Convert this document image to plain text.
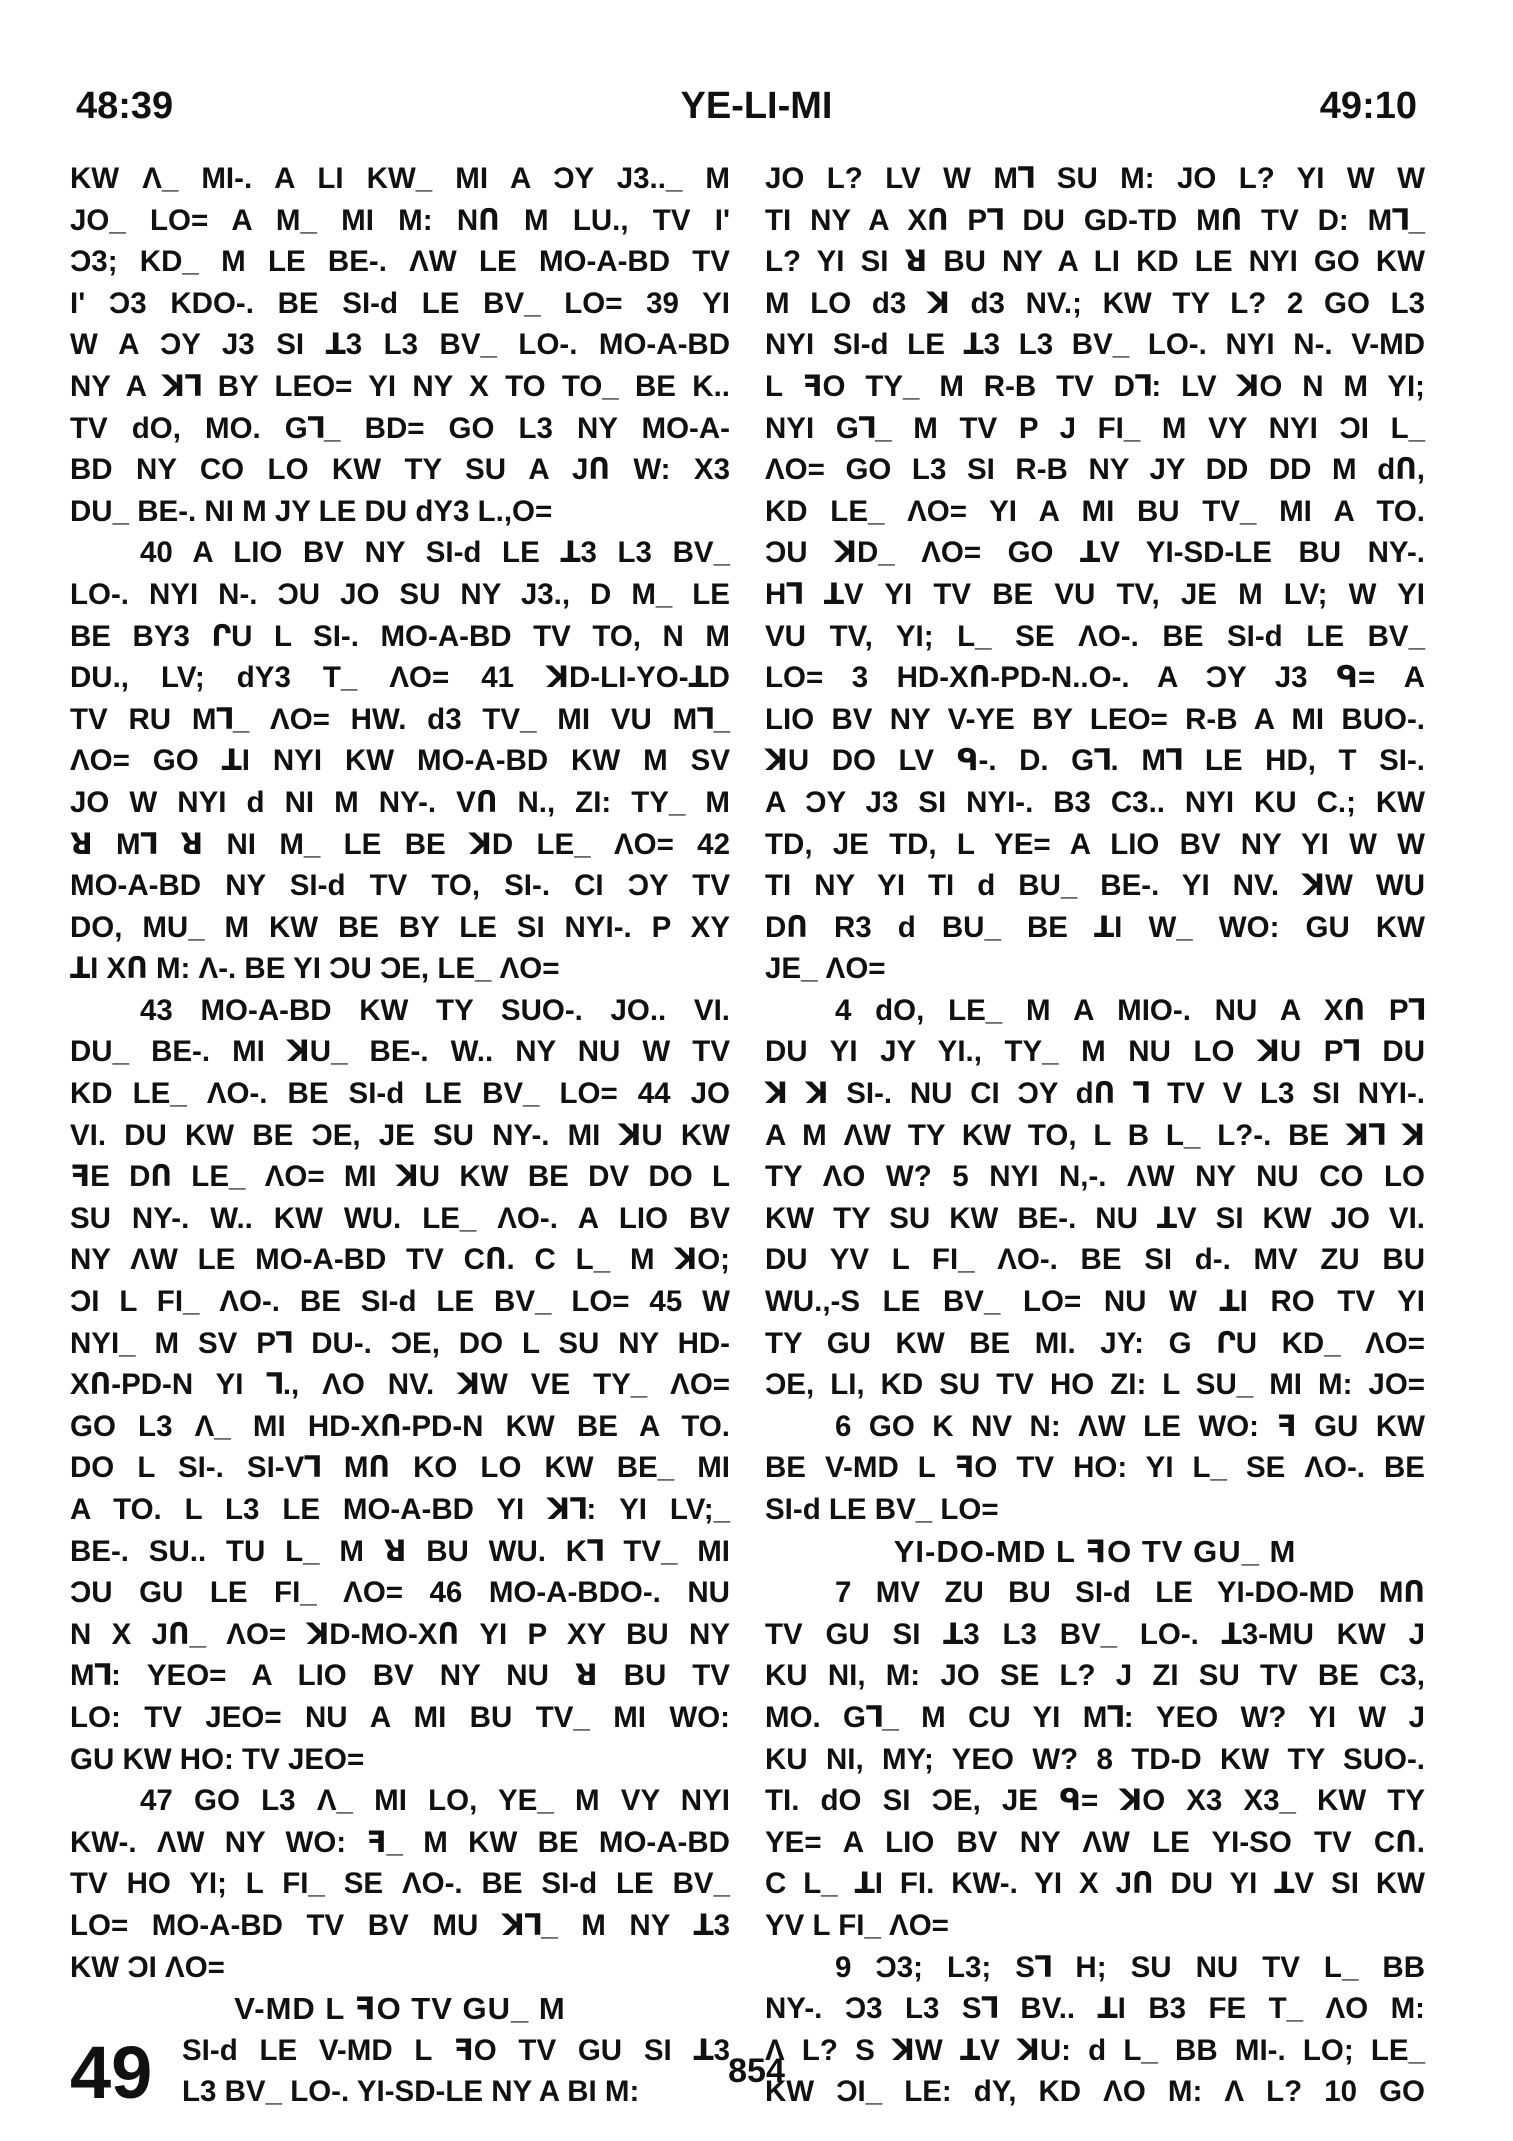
48:39	YE-LI-MI	49:10
KW Λ_ MI-. A LI KW_ MI A ƆY J3.._ M
JO_ LO= A M_ MI M: NՈ M LU., TV I'
Ɔ3; KD_ M LE BE-. ΛW LE MO-A-BD TV
I' Ɔ3 KDO-. BE SI-d LE BV_ LO= 39 YI
W A ƆY J3 SI ꓕ3 L3 BV_ LO-. MO-A-BD
NY A ꓘꓶ BY LEO= YI NY X TO TO_ BE K..
TV dO, MO. Gꓶ_ BD= GO L3 NY MO-A-
BD NY CO LO KW TY SU A JՈ W: X3
DU_ BE-. NI M JY LE DU dY3 L.,O=
40 A LIO BV NY SI-d LE ꓕ3 L3 BV_
LO-. NYI N-. ƆU JO SU NY J3., D M_ LE
BE BY3 ՐU L SI-. MO-A-BD TV TO, N M
DU., LV; dY3 T_ ΛO= 41 ꓘD-LI-YO-ꓕD
TV RU Mꓶ_ ΛO= HW. d3 TV_ MI VU Mꓶ_
ΛO= GO ꓕI NYI KW MO-A-BD KW M SV
JO W NYI d NI M NY-. VՈ N., ZI: TY_ M
ꓤ Mꓶ ꓤ NI M_ LE BE ꓘD LE_ ΛO= 42
MO-A-BD NY SI-d TV TO, SI-. CI ƆY TV
DO, MU_ M KW BE BY LE SI NYI-. P XY
ꓕI XՈ M: Λ-. BE YI ƆU ƆE, LE_ ΛO=
43 MO-A-BD KW TY SUO-. JO.. VI.
DU_ BE-. MI ꓘU_ BE-. W.. NY NU W TV
KD LE_ ΛO-. BE SI-d LE BV_ LO= 44 JO
VI. DU KW BE ƆE, JE SU NY-. MI ꓘU KW
ꟻE DՈ LE_ ΛO= MI ꓘU KW BE DV DO L
SU NY-. W.. KW WU. LE_ ΛO-. A LIO BV
NY ΛW LE MO-A-BD TV CՈ. C L_ M ꓘO;
ƆI L FI_ ΛO-. BE SI-d LE BV_ LO= 45 W
NYI_ M SV Pꓶ DU-. ƆE, DO L SU NY HD-
XՈ-PD-N YI ꓶ., ΛO NV. ꓘW VE TY_ ΛO=
GO L3 Λ_ MI HD-XՈ-PD-N KW BE A TO.
DO L SI-. SI-Vꓶ MՈ KO LO KW BE_ MI
A TO. L L3 LE MO-A-BD YI ꓘꓶ: YI LV;_
BE-. SU.. TU L_ M ꓤ BU WU. Kꓶ TV_ MI
ƆU GU LE FI_ ΛO= 46 MO-A-BDO-. NU
N X JՈ_ ΛO= ꓘD-MO-XՈ YI P XY BU NY
Mꓶ: YEO= A LIO BV NY NU ꓤ BU TV
LO: TV JEO= NU A MI BU TV_ MI WO:
GU KW HO: TV JEO=
47 GO L3 Λ_ MI LO, YE_ M VY NYI
KW-. ΛW NY WO: ꟻ_ M KW BE MO-A-BD
TV HO YI; L FI_ SE ΛO-. BE SI-d LE BV_
LO= MO-A-BD TV BV MU ꓘꓶ_ M NY ꓕ3
KW ƆI ΛO=
V-MD L ꟻO TV GU_ M
SI-d LE V-MD L ꟻO TV GU SI ꓕ3
49	L3 BV_ LO-. YI-SD-LE NY A BI M:
JO L? LV W Mꓶ SU M: JO L? YI W W
TI NY A XՈ Pꓶ DU GD-TD MՈ TV D: Mꓶ_
L? YI SI ꓤ BU NY A LI KD LE NYI GO KW
M LO d3 ꓘ d3 NV.; KW TY L? 2 GO L3
NYI SI-d LE ꓕ3 L3 BV_ LO-. NYI N-. V-MD
L ꟻO TY_ M R-B TV Dꓶ: LV ꓘO N M YI;
NYI Gꓶ_ M TV P J FI_ M VY NYI ƆI L_
ΛO= GO L3 SI R-B NY JY DD DD M dՈ,
KD LE_ ΛO= YI A MI BU TV_ MI A TO.
ƆU ꓘD_ ΛO= GO ꓕV YI-SD-LE BU NY-.
Hꓶ ꓕV YI TV BE VU TV, JE M LV; W YI
VU TV, YI; L_ SE ΛO-. BE SI-d LE BV_
LO= 3 HD-XՈ-PD-N..O-. A ƆY J3 ᑫ= A
LIO BV NY V-YE BY LEO= R-B A MI BUO-.
ꓘU DO LV ᑫ-. D. Gꓶ. Mꓶ LE HD, T SI-.
A ƆY J3 SI NYI-. B3 C3.. NYI KU C.; KW
TD, JE TD, L YE= A LIO BV NY YI W W
TI NY YI TI d BU_ BE-. YI NV. ꓘW WU
DՈ R3 d BU_ BE ꓕI W_ WO: GU KW
JE_ ΛO=
4 dO, LE_ M A MIO-. NU A XՈ Pꓶ
DU YI JY YI., TY_ M NU LO ꓘU Pꓶ DU
ꓘ ꓘ SI-. NU CI ƆY dՈ ꓶ TV V L3 SI NYI-.
A M ΛW TY KW TO, L B L_ L?-. BE ꓘꓶ ꓘ
TY ΛO W? 5 NYI N,-. ΛW NY NU CO LO
KW TY SU KW BE-. NU ꓕV SI KW JO VI.
DU YV L FI_ ΛO-. BE SI d-. MV ZU BU
WU.,-S LE BV_ LO= NU W ꓕI RO TV YI
TY GU KW BE MI. JY: G ՐU KD_ ΛO=
ƆE, LI, KD SU TV HO ZI: L SU_ MI M: JO=
6 GO K NV N: ΛW LE WO: ꟻ GU KW
BE V-MD L ꟻO TV HO: YI L_ SE ΛO-. BE
SI-d LE BV_ LO=
YI-DO-MD L ꟻO TV GU_ M
7 MV ZU BU SI-d LE YI-DO-MD MՈ
TV GU SI ꓕ3 L3 BV_ LO-. ꓕ3-MU KW J
KU NI, M: JO SE L? J ZI SU TV BE C3,
MO. Gꓶ_ M CU YI Mꓶ: YEO W? YI W J
KU NI, MY; YEO W? 8 TD-D KW TY SUO-.
TI. dO SI ƆE, JE ᑫ= ꓘO X3 X3_ KW TY
YE= A LIO BV NY ΛW LE YI-SO TV CՈ.
C L_ ꓕI FI. KW-. YI X JՈ DU YI ꓕV SI KW
YV L FI_ ΛO=
9 Ɔ3; L3; Sꓶ H; SU NU TV L_ BB
NY-. Ɔ3 L3 Sꓶ BV.. ꓕI B3 FE T_ ΛO M:
Λ L? S ꓘW ꓕV ꓘU: d L_ BB MI-. LO; LE_
KW ƆI_ LE: dY, KD ΛO M: Λ L? 10 GO
854
